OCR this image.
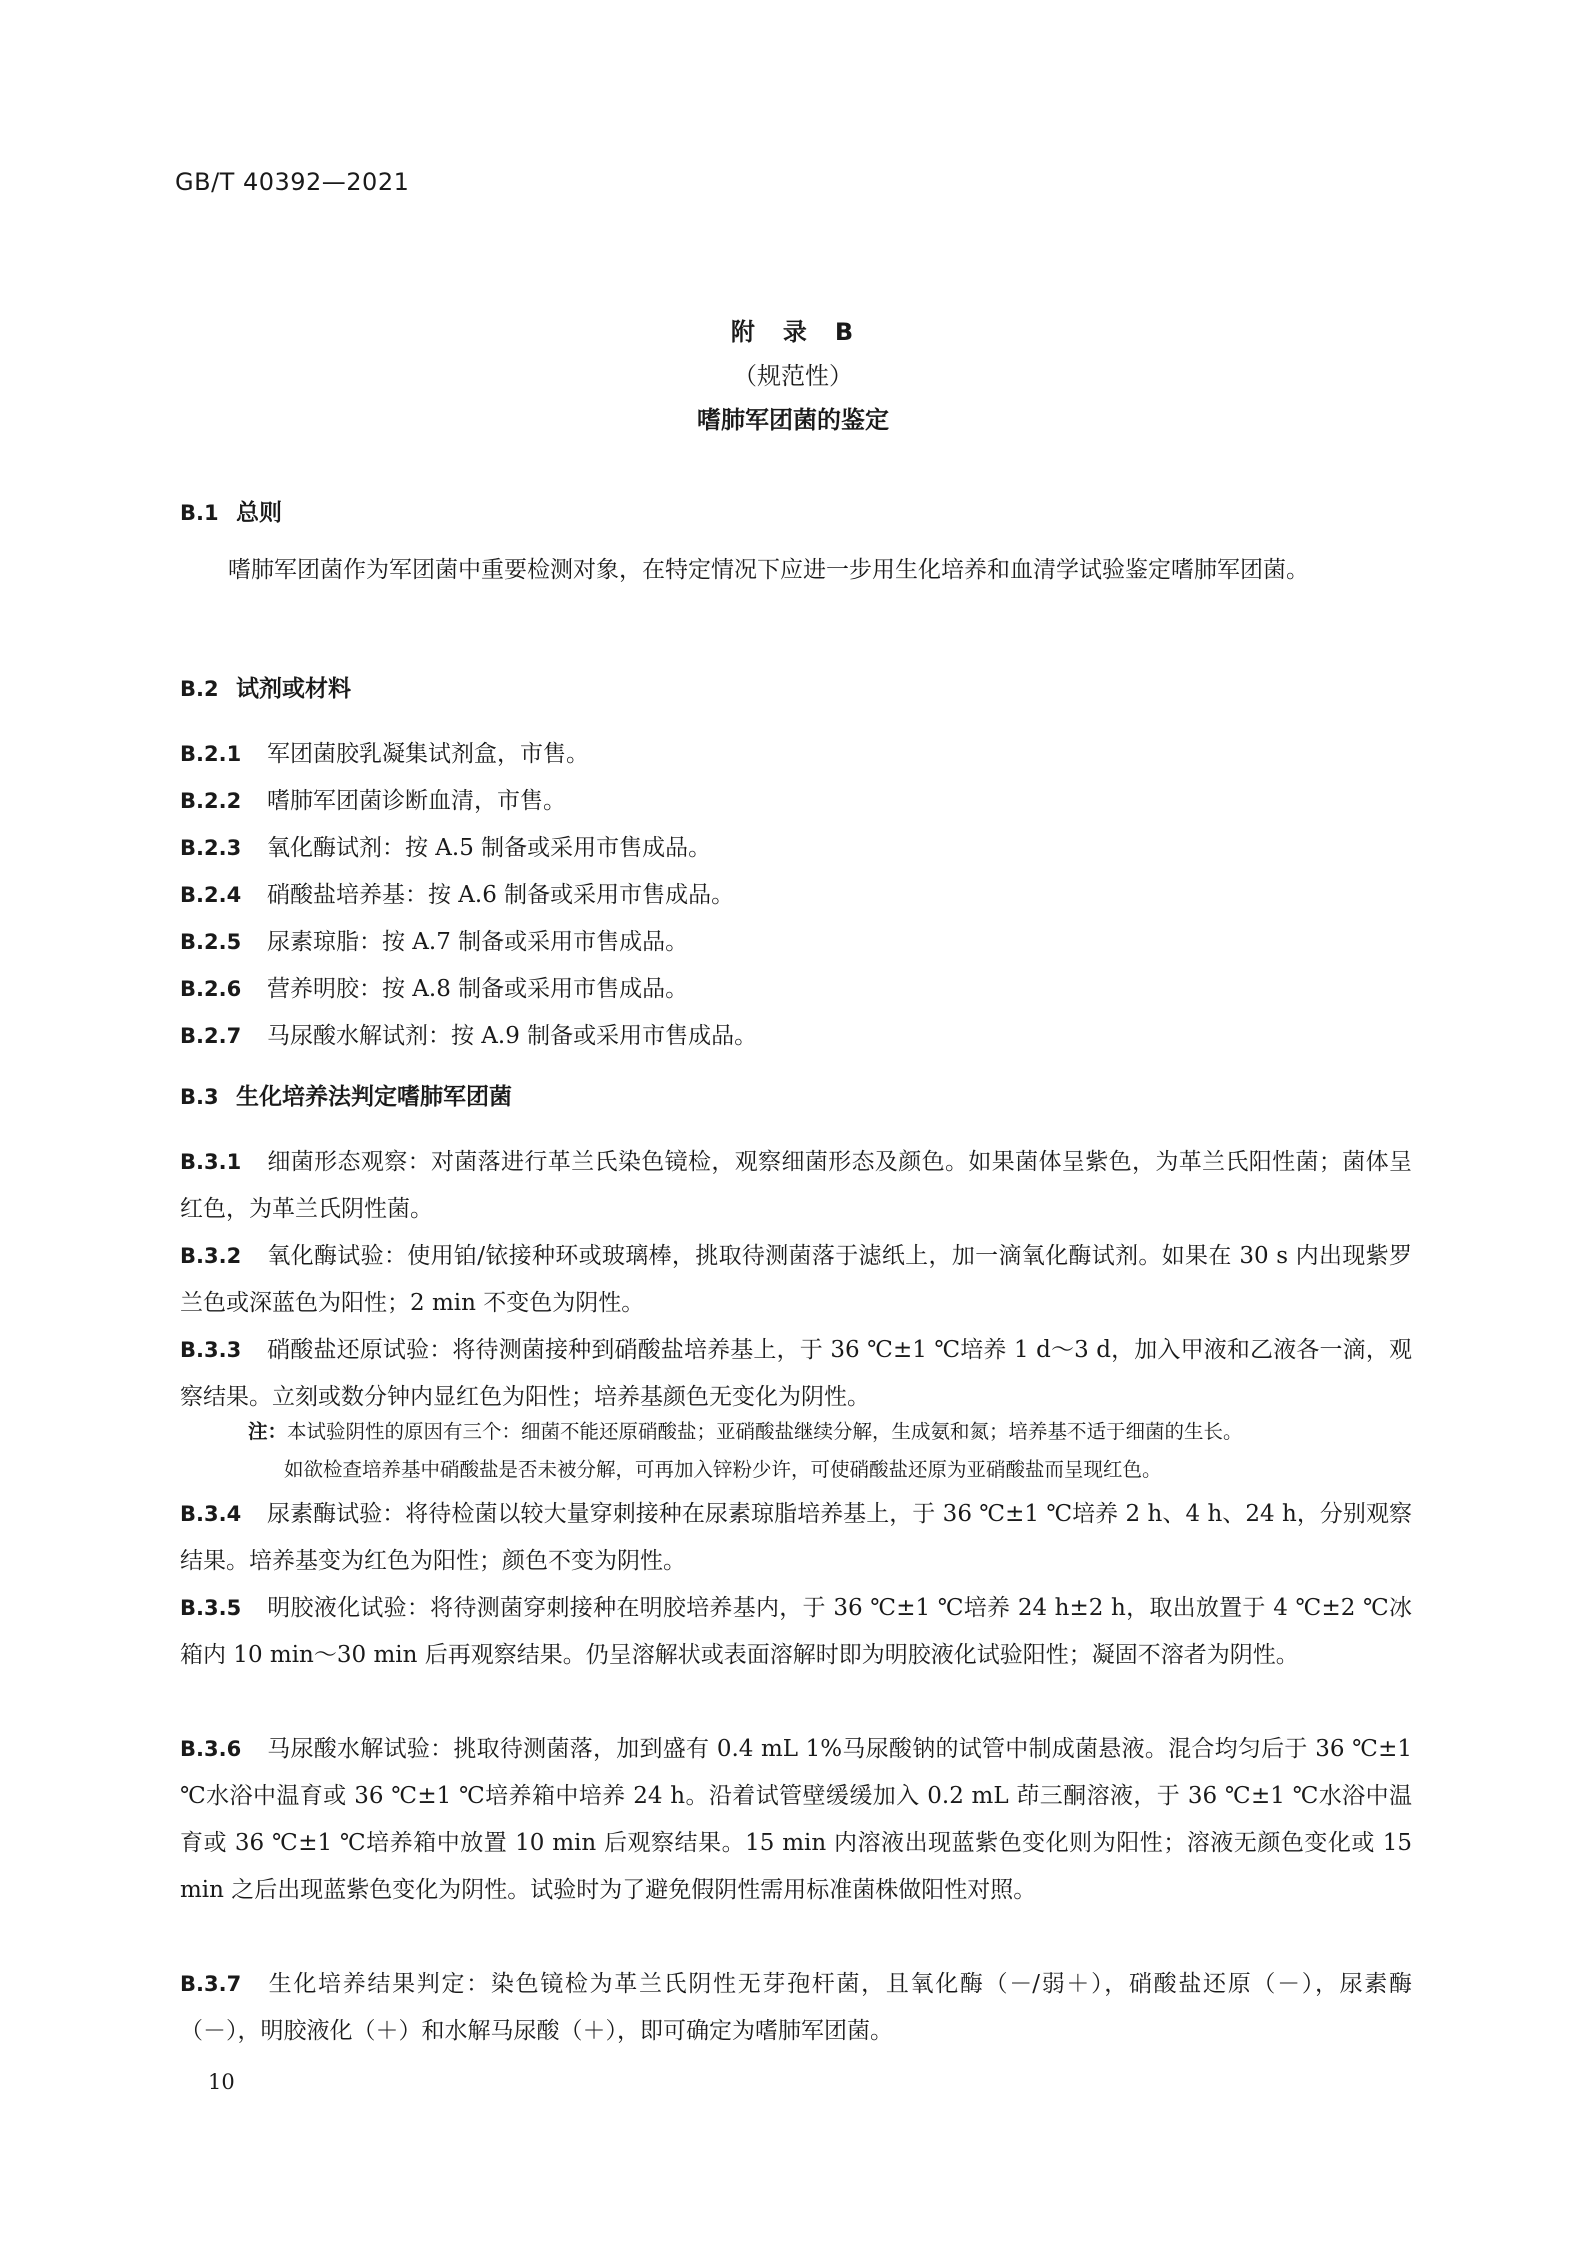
GB/T 40392—2021
附　录　B
（规范性）
嗜肺军团菌的鉴定
B.1 总则
嗜肺军团菌作为军团菌中重要检测对象，在特定情况下应进一步用生化培养和血清学试验鉴定嗜肺军团菌。
B.2 试剂或材料
B.2.1 军团菌胶乳凝集试剂盒，市售。
B.2.2 嗜肺军团菌诊断血清，市售。
B.2.3 氧化酶试剂：按 A.5 制备或采用市售成品。
B.2.4 硝酸盐培养基：按 A.6 制备或采用市售成品。
B.2.5 尿素琼脂：按 A.7 制备或采用市售成品。
B.2.6 营养明胶：按 A.8 制备或采用市售成品。
B.2.7 马尿酸水解试剂：按 A.9 制备或采用市售成品。
B.3 生化培养法判定嗜肺军团菌
B.3.1 细菌形态观察：对菌落进行革兰氏染色镜检，观察细菌形态及颜色。如果菌体呈紫色，为革兰氏阳性菌；菌体呈红色，为革兰氏阴性菌。
B.3.2 氧化酶试验：使用铂/铱接种环或玻璃棒，挑取待测菌落于滤纸上，加一滴氧化酶试剂。如果在 30 s 内出现紫罗兰色或深蓝色为阳性；2 min 不变色为阴性。
B.3.3 硝酸盐还原试验：将待测菌接种到硝酸盐培养基上，于 36 ℃±1 ℃培养 1 d～3 d，加入甲液和乙液各一滴，观察结果。立刻或数分钟内显红色为阳性；培养基颜色无变化为阴性。
注：本试验阴性的原因有三个：细菌不能还原硝酸盐；亚硝酸盐继续分解，生成氨和氮；培养基不适于细菌的生长。
如欲检查培养基中硝酸盐是否未被分解，可再加入锌粉少许，可使硝酸盐还原为亚硝酸盐而呈现红色。
B.3.4 尿素酶试验：将待检菌以较大量穿刺接种在尿素琼脂培养基上，于 36 ℃±1 ℃培养 2 h、4 h、24 h，分别观察结果。培养基变为红色为阳性；颜色不变为阴性。
B.3.5 明胶液化试验：将待测菌穿刺接种在明胶培养基内，于 36 ℃±1 ℃培养 24 h±2 h，取出放置于 4 ℃±2 ℃冰箱内 10 min～30 min 后再观察结果。仍呈溶解状或表面溶解时即为明胶液化试验阳性；凝固不溶者为阴性。
B.3.6 马尿酸水解试验：挑取待测菌落，加到盛有 0.4 mL 1%马尿酸钠的试管中制成菌悬液。混合均匀后于 36 ℃±1 ℃水浴中温育或 36 ℃±1 ℃培养箱中培养 24 h。沿着试管壁缓缓加入 0.2 mL 茚三酮溶液，于 36 ℃±1 ℃水浴中温育或 36 ℃±1 ℃培养箱中放置 10 min 后观察结果。15 min 内溶液出现蓝紫色变化则为阳性；溶液无颜色变化或 15 min 之后出现蓝紫色变化为阴性。试验时为了避免假阴性需用标准菌株做阳性对照。
B.3.7 生化培养结果判定：染色镜检为革兰氏阴性无芽孢杆菌，且氧化酶（－/弱＋），硝酸盐还原（－），尿素酶（－），明胶液化（＋）和水解马尿酸（＋），即可确定为嗜肺军团菌。
10
